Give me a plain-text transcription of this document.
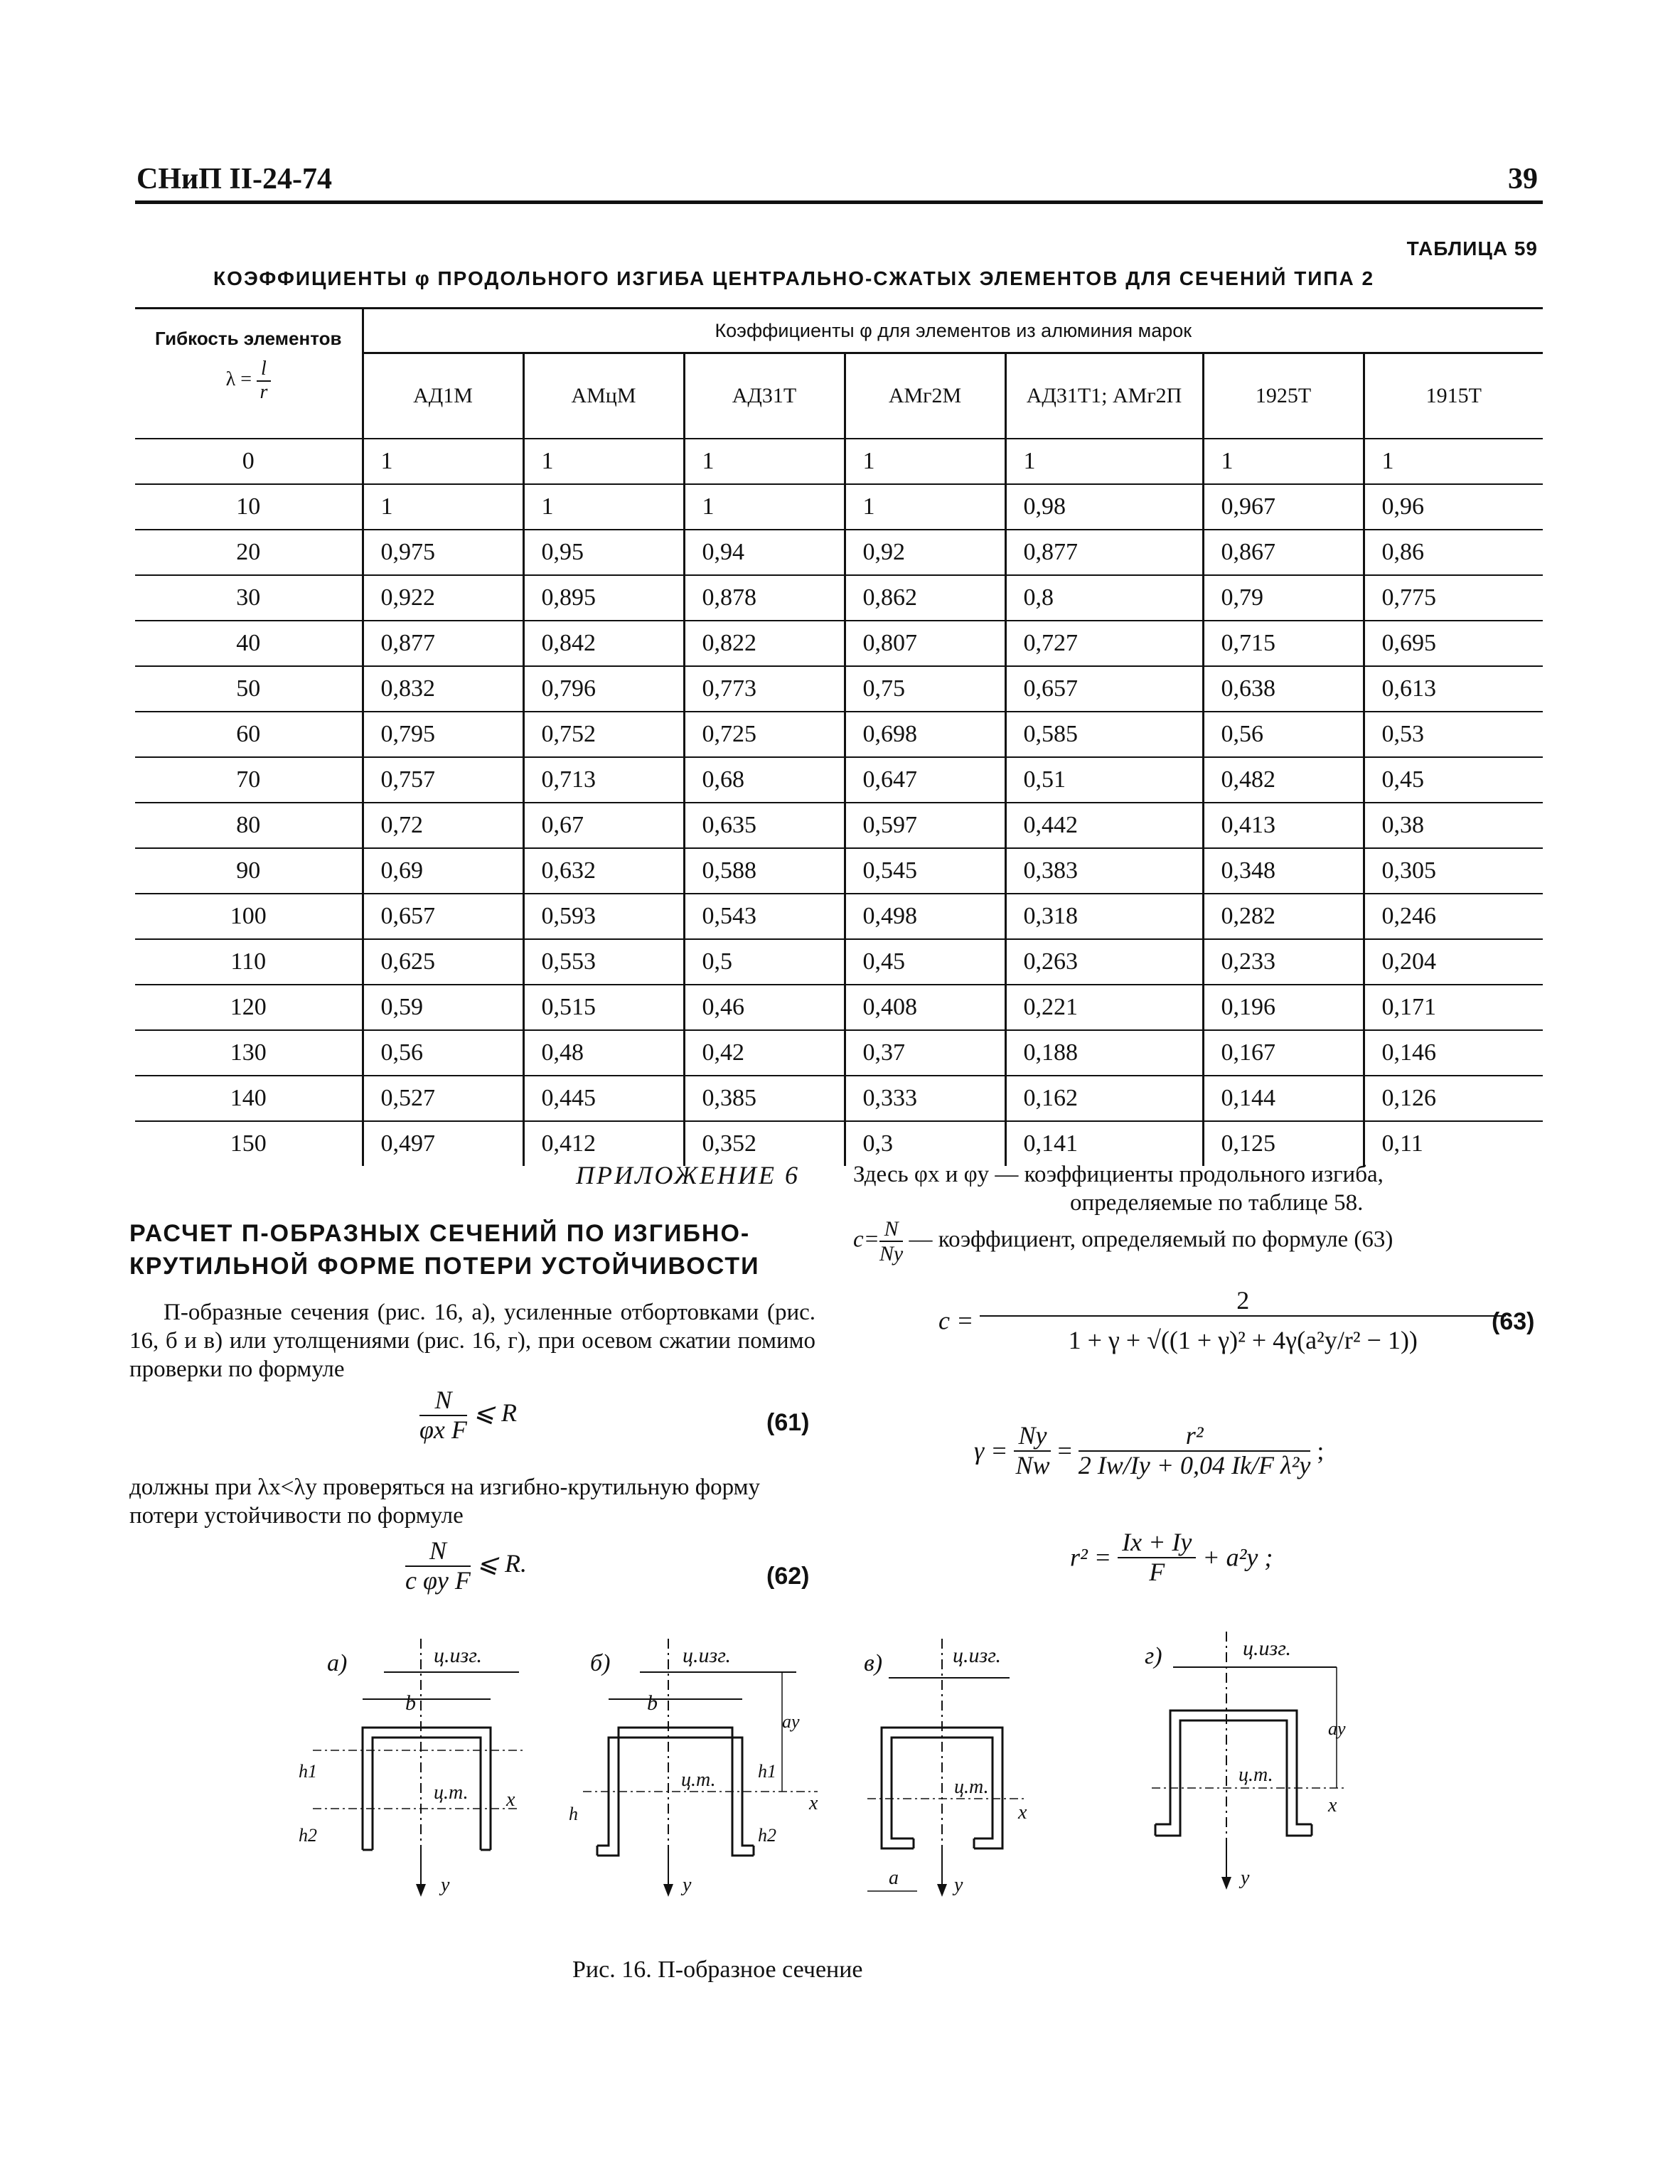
СНиП II-24-74	39
ТАБЛИЦА 59
КОЭФФИЦИЕНТЫ φ ПРОДОЛЬНОГО ИЗГИБА ЦЕНТРАЛЬНО-СЖАТЫХ ЭЛЕМЕНТОВ ДЛЯ СЕЧЕНИЙ ТИПА 2
Гибкость элементов
$\lambda = \frac{l}{r}$	Коэффициенты φ для элементов из алюминия марок						
	АД1М	АМцМ	АД31Т	АМг2М	АД31Т1; АМг2П	1925Т	1915Т
0	1	1	1	1	1	1	1
10	1	1	1	1	0,98	0,967	0,96
20	0,975	0,95	0,94	0,92	0,877	0,867	0,86
30	0,922	0,895	0,878	0,862	0,8	0,79	0,775
40	0,877	0,842	0,822	0,807	0,727	0,715	0,695
50	0,832	0,796	0,773	0,75	0,657	0,638	0,613
60	0,795	0,752	0,725	0,698	0,585	0,56	0,53
70	0,757	0,713	0,68	0,647	0,51	0,482	0,45
80	0,72	0,67	0,635	0,597	0,442	0,413	0,38
90	0,69	0,632	0,588	0,545	0,383	0,348	0,305
100	0,657	0,593	0,543	0,498	0,318	0,282	0,246
110	0,625	0,553	0,5	0,45	0,263	0,233	0,204
120	0,59	0,515	0,46	0,408	0,221	0,196	0,171
130	0,56	0,48	0,42	0,37	0,188	0,167	0,146
140	0,527	0,445	0,385	0,333	0,162	0,144	0,126
150	0,497	0,412	0,352	0,3	0,141	0,125	0,11
ПРИЛОЖЕНИЕ 6
РАСЧЕТ П-ОБРАЗНЫХ СЕЧЕНИЙ ПО ИЗГИБНО-КРУТИЛЬНОЙ ФОРМЕ ПОТЕРИ УСТОЙЧИВОСТИ
П-образные сечения (рис. 16, а), усиленные отбортовками (рис. 16, б и в) или утолщениями (рис. 16, г), при осевом сжатии помимо проверки по формуле
$\frac{N}{\text{φx F}}$ ⩽ R	(61)
должны при λx<λy проверяться на изгибно-крутильную форму потери устойчивости по формуле
$\frac{N}{\text{c φy F}}$ ⩽ R.	(62)
Здесь φx и φy — коэффициенты продольного изгиба,
определяемые по таблице 58.
$c= \frac{N}{Ny}$ — коэффициент, определяемый по формуле (63)
$c = \frac{2}{\text{1 + γ + √((1 + γ)² + 4γ(a²y/r² − 1))}}$
(63)
$\gamma = \frac{Ny}{Nw} = \frac{\text{r²}}{\text{2 Iw/Iy + 0,04 Ik/F λ²y}}$ ;
$r^2 = \frac{Ix + Iy}{F} + a^2y$ ;
а)	ц.изг.
b
h1
h2
ц.т. x
y
б)	ц.изг.
b
ay
h
h1
h2
ц.т.
x
y
в)	ц.изг.
ц.т.
x
a	y
г)	ц.изг.
ay
ц.т.
x
y
Рис. 16. П-образное сечение
